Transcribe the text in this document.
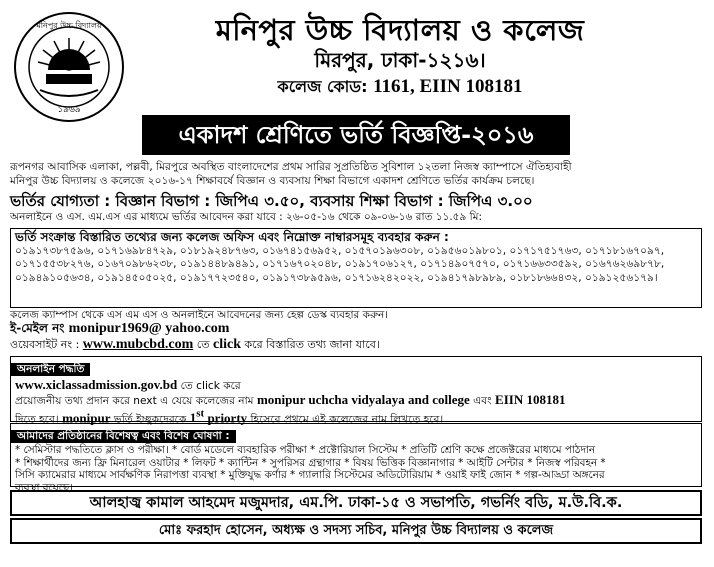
মনিপুর উচ্চ বিদ্যালয়
১৯৬৯
মনিপুর উচ্চ বিদ্যালয় ও কলেজ
মিরপুর, ঢাকা-১২১৬।
কলেজ কোড: 1161, EIIN 108181
একাদশ শ্রেণিতে ভর্তি বিজ্ঞপ্তি-২০১৬
রূপনগর আবাসিক এলাকা, পল্লবী, মিরপুরে অবস্থিত বাংলাদেশের প্রথম সারির সুপ্রতিষ্ঠিত সুবিশাল ১২তলা নিজস্ব ক্যাম্পাসে ঐতিহ্যবাহী
মনিপুর উচ্চ বিদ্যালয় ও কলেজে ২০১৬-১৭ শিক্ষাবর্ষে বিজ্ঞান ও ব্যবসায় শিক্ষা বিভাগে একাদশ শ্রেণিতে ভর্তির কার্যক্রম চলছে।
ভর্তির যোগ্যতা : বিজ্ঞান বিভাগ : জিপিএ ৩.৫০, ব্যবসায় শিক্ষা বিভাগ : জিপিএ ৩.০০
অনলাইনে ও এস. এম.এস এর মাধ্যমে ভর্তির আবেদন করা যাবে : ২৬-০৫-১৬ থেকে ০৯-০৬-১৬ রাত ১১.৫৯ মি:
ভর্তি সংক্রান্ত বিস্তারিত তথ্যের জন্য কলেজ অফিস এবং নিম্নোক্ত নাম্বারসমূহ ব্যবহার করুন :
০১৯১৭৩৮৭৫৯৬, ০১৭১৬৯৮৪৭২৯, ০১৮১৯২৪৮৭৬৩, ০১৬৭৪১৫৬৯৫২, ০১৫৭০১৯৬৩০৮, ০১৯৫৬০১৯৮০১, ০১৭১৭৫১৭৬৩, ০১৭১৮১৬৭০৯৭, ০১৭১৫৫৩৮২৭৬, ০১৬৭০৯৮৬২৩৮, ০১৯১৪৪৮৯৪৯১, ০১৭১৬৭০২০৪৮, ০১৯১৭০৬১২৭, ০১৭১৪৯০৭৫৭০, ০১৭১৬৬৩৩৫৯২, ০১৬৭৬২৬৯৮৭৮, ০১৯৪৯১০৫৬৩৪, ০১৯১৪৫০৫০২৫, ০১৯১৭৭২৩৫৪০, ০১৯১৭৩৮৯৫৯৬, ০১৭১৬২৪২০২২, ০১৯৪১৭৯৮৯৮৯, ০১৮১৮৬৬৪৩২, ০১৯১২৫৬১৭৯।
কলেজ ক্যাম্পাস থেকে এস এম এস ও অনলাইনে আবেদনের জন্য হেল্প ডেস্ক ব্যবহার করুন।
ই-মেইল নং monipur1969@ yahoo.com
ওয়েবসাইট নং : www.mubcbd.com তে click করে বিস্তারিত তথ্য জানা যাবে।
অনলাইন পদ্ধতি
www.xiclassadmission.gov.bd তে click করে
প্রয়োজনীয় তথ্য প্রদান করে next এ যেয়ে কলেজের নাম monipur uchcha vidyalaya and college এবং EIIN 108181
দিতে হবে। monipur ভর্তি ইচ্ছুকদেরকে 1st priorty হিসেবে প্রথমে এই কলেজের নাম লিখতে হবে।
আমাদের প্রতিষ্ঠানের বিশেষত্ব এবং বিশেষ ঘোষণা :
* সেমিস্টার পদ্ধতিতে ক্লাস ও পরীক্ষা। * বোর্ড মডেলে ব্যবহারিক পরীক্ষা * প্রক্টোরিয়াল সিস্টেম * প্রতিটি শ্রেণি কক্ষে প্রজেক্টরের মাধ্যমে পাঠদান
* শিক্ষার্থীদের জন্য ফ্রি মিনারেল ওয়াটার * লিফট * ক্যান্টিন * সুপরিসর গ্রন্থাগার * বিষয় ভিত্তিক বিজ্ঞানাগার * আইটি সেন্টার * নিজস্ব পরিবহন *
সিসি ক্যামেরার মাধ্যমে সার্বক্ষণিক নিরাপত্তা ব্যবস্থা * মুক্তিযুদ্ধ কর্ণার * গ্যালারি সিস্টেমের অডিটোরিয়াম * ওয়াই ফাই জোন * গল্প-আড্ডা অঙ্গনের
ব্যবস্থা রয়েছে।
আলহাজ্ব কামাল আহমেদ মজুমদার, এম.পি. ঢাকা-১৫ ও সভাপতি, গভর্নিং বডি, ম.উ.বি.ক.
মোঃ ফরহাদ হোসেন, অধ্যক্ষ ও সদস্য সচিব, মনিপুর উচ্চ বিদ্যালয় ও কলেজ
